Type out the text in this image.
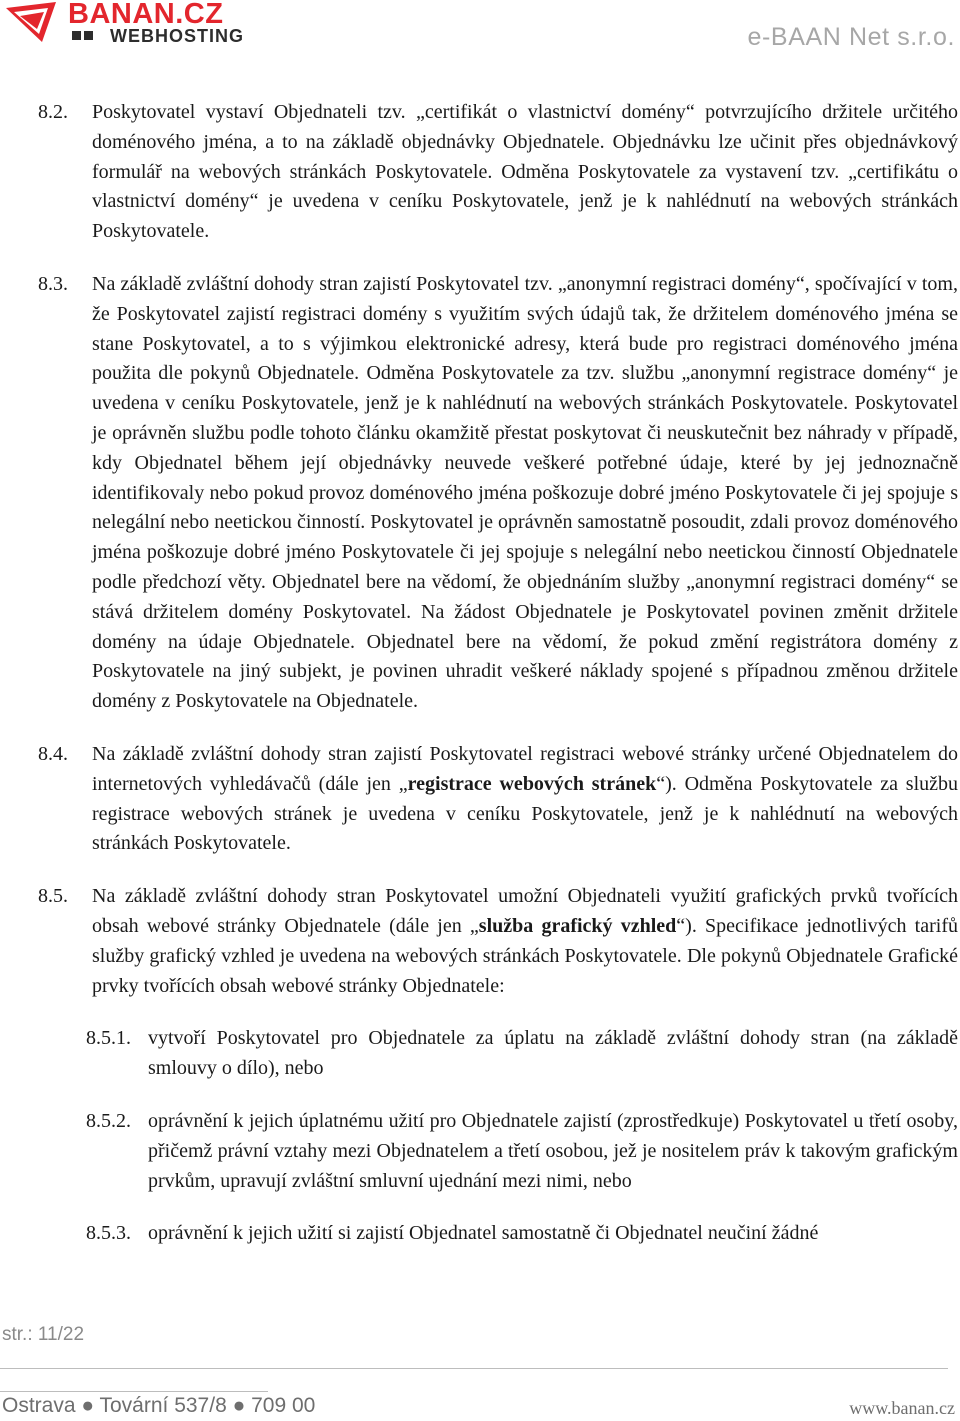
BANAN.CZ
WEBHOSTING	e-BAAN Net s.r.o.
8.2. Poskytovatel vystaví Objednateli tzv. „certifikát o vlastnictví domény“ potvrzujícího držitele určitého doménového jména, a to na základě objednávky Objednatele. Objednávku lze učinit přes objednávkový formulář na webových stránkách Poskytovatele. Odměna Poskytovatele za vystavení tzv. „certifikátu o vlastnictví domény“ je uvedena v ceníku Poskytovatele, jenž je k nahlédnutí na webových stránkách Poskytovatele.

8.3. Na základě zvláštní dohody stran zajistí Poskytovatel tzv. „anonymní registraci domény“, spočívající v tom, že Poskytovatel zajistí registraci domény s využitím svých údajů tak, že držitelem doménového jména se stane Poskytovatel, a to s výjimkou elektronické adresy, která bude pro registraci doménového jména použita dle pokynů Objednatele. Odměna Poskytovatele za tzv. službu „anonymní registrace domény“ je uvedena v ceníku Poskytovatele, jenž je k nahlédnutí na webových stránkách Poskytovatele. Poskytovatel je oprávněn službu podle tohoto článku okamžitě přestat poskytovat či neuskutečnit bez náhrady v případě, kdy Objednatel během její objednávky neuvede veškeré potřebné údaje, které by jej jednoznačně identifikovaly nebo pokud provoz doménového jména poškozuje dobré jméno Poskytovatele či jej spojuje s nelegální nebo neetickou činností. Poskytovatel je oprávněn samostatně posoudit, zdali provoz doménového jména poškozuje dobré jméno Poskytovatele či jej spojuje s nelegální nebo neetickou činností Objednatele podle předchozí věty. Objednatel bere na vědomí, že objednáním služby „anonymní registraci domény“ se stává držitelem domény Poskytovatel. Na žádost Objednatele je Poskytovatel povinen změnit držitele domény na údaje Objednatele. Objednatel bere na vědomí, že pokud změní registrátora domény z Poskytovatele na jiný subjekt, je povinen uhradit veškeré náklady spojené s případnou změnou držitele domény z Poskytovatele na Objednatele.

8.4. Na základě zvláštní dohody stran zajistí Poskytovatel registraci webové stránky určené Objednatelem do internetových vyhledávačů (dále jen „registrace webových stránek“). Odměna Poskytovatele za službu registrace webových stránek je uvedena v ceníku Poskytovatele, jenž je k nahlédnutí na webových stránkách Poskytovatele.

8.5. Na základě zvláštní dohody stran Poskytovatel umožní Objednateli využití grafických prvků tvořících obsah webové stránky Objednatele (dále jen „služba grafický vzhled“). Specifikace jednotlivých tarifů služby grafický vzhled je uvedena na webových stránkách Poskytovatele. Dle pokynů Objednatele Grafické prvky tvořících obsah webové stránky Objednatele:

8.5.1. vytvoří Poskytovatel pro Objednatele za úplatu na základě zvláštní dohody stran (na základě smlouvy o dílo), nebo

8.5.2. oprávnění k jejich úplatnému užití pro Objednatele zajistí (zprostředkuje) Poskytovatel u třetí osoby, přičemž právní vztahy mezi Objednatelem a třetí osobou, jež je nositelem práv k takovým grafickým prvkům, upravují zvláštní smluvní ujednání mezi nimi, nebo

8.5.3. oprávnění k jejich užití si zajistí Objednatel samostatně či Objednatel neučiní žádné

str.: 11/22
Ostrava ● Tovární 537/8 ● 709 00	www.banan.cz
